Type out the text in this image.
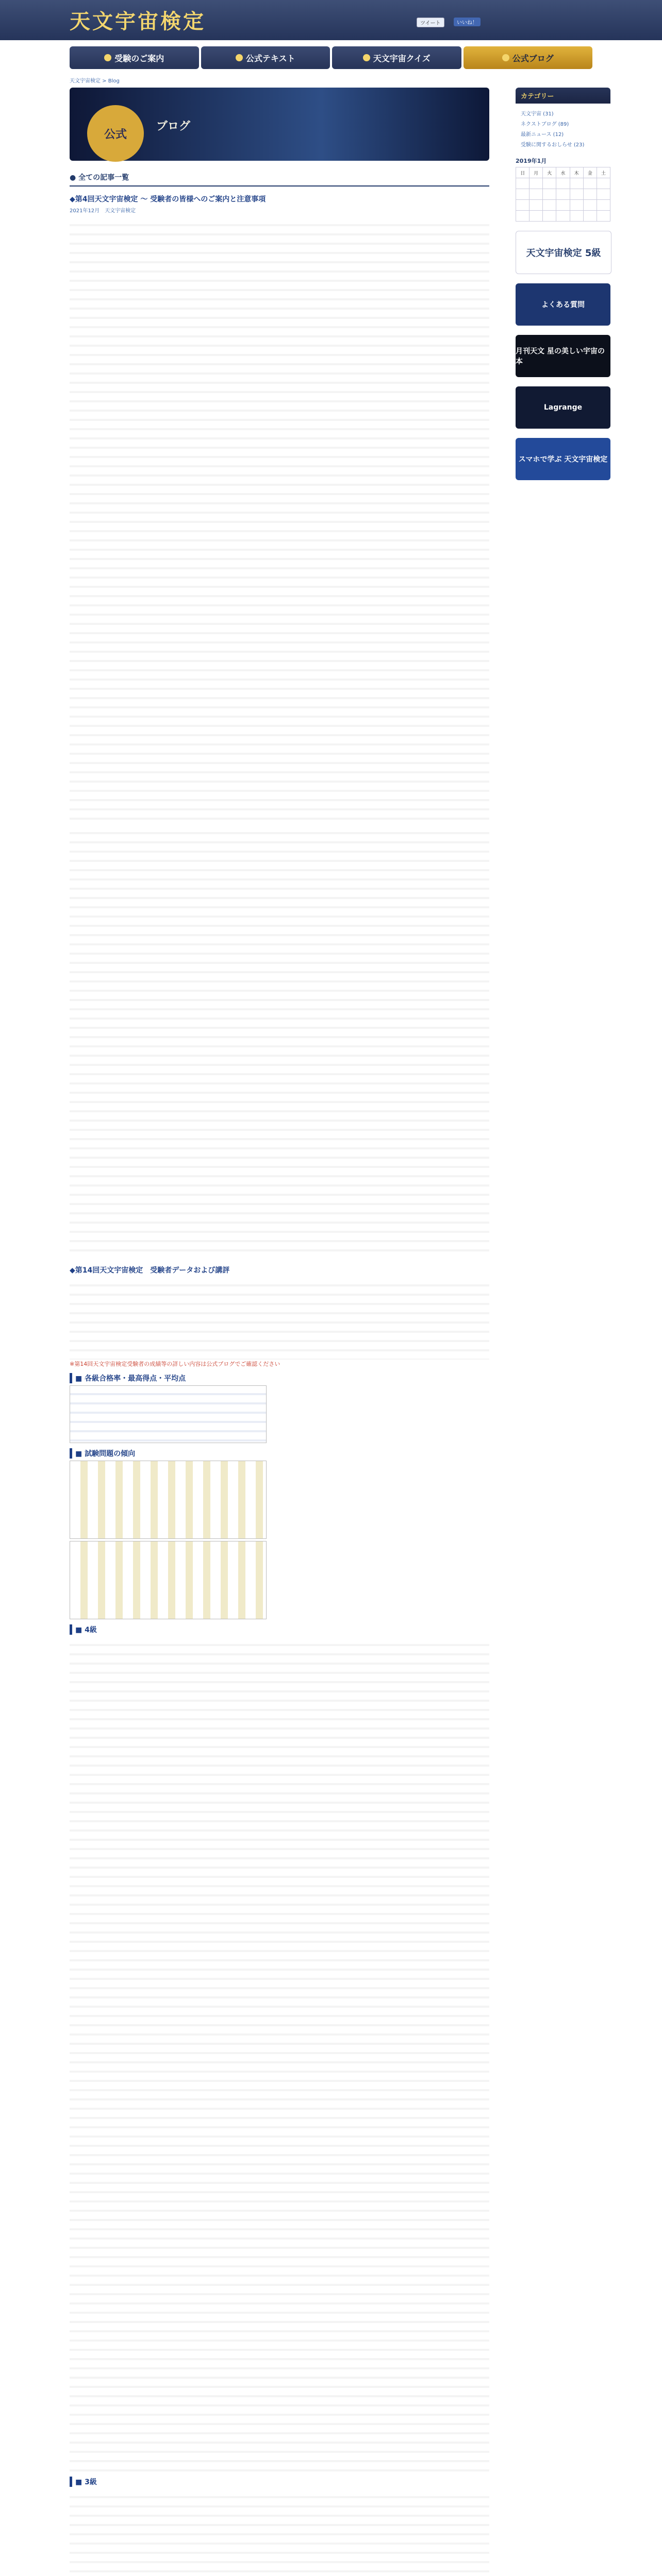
天文宇宙検定	ツイート	いいね！
受験のご案内	公式テキスト	天文宇宙クイズ	公式ブログ
天文宇宙検定 > Blog
公式
ブログ
● 全ての記事一覧
◆第4回天文宇宙検定 〜 受験者の皆様へのご案内と注意事項
2021年12月 天文宇宙検定
◆第14回天文宇宙検定　受験者データおよび講評
※第14回天文宇宙検定受験者の成績等の詳しい内容は公式ブログでご確認ください
■ 各級合格率・最高得点・平均点
■ 試験問題の傾向
■ 4級
■ 3級
カテゴリー
天文宇宙 (31)
ネクストブログ (89)
最新ニュース (12)
受験に関するおしらせ (23)
2019年1月
日	月	火	水	木	金	土

天文宇宙検定 5級
よくある質問
月刊天文 星の美しい宇宙の本
Lagrange
スマホで学ぶ 天文宇宙検定
